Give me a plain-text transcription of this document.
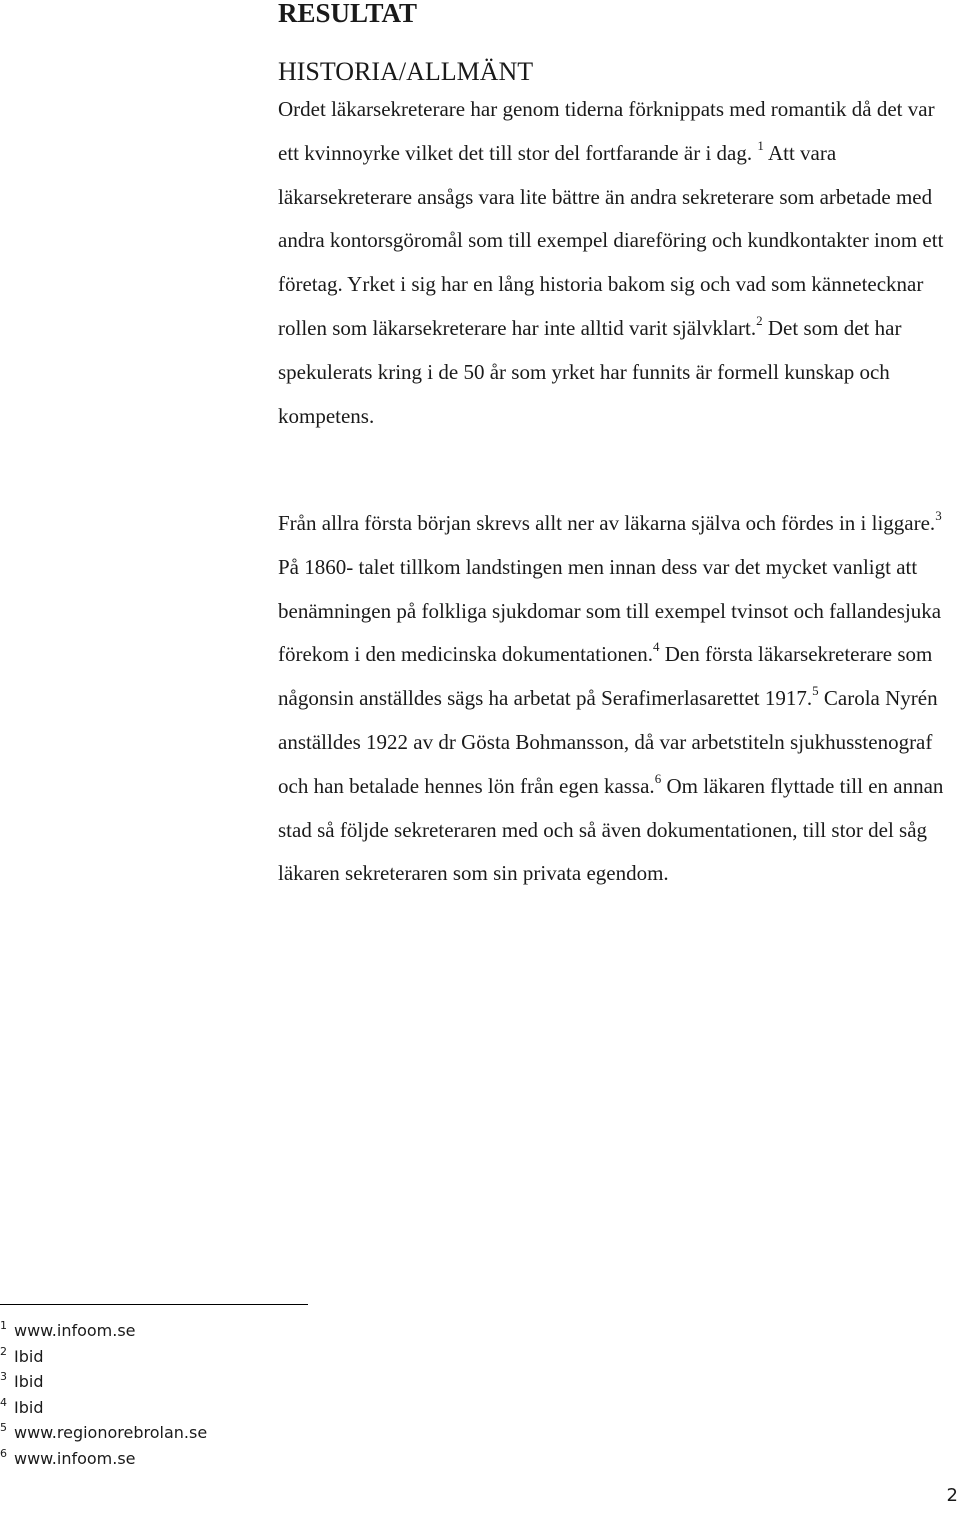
RESULTAT
HISTORIA/ALLMÄNT

Ordet läkarsekreterare har genom tiderna förknippats med romantik då det var ett kvinnoyrke vilket det till stor del fortfarande är i dag. $^1$ Att vara läkarsekreterare ansågs vara lite bättre än andra sekreterare som arbetade med andra kontorsgöromål som till exempel diareföring och kundkontakter inom ett företag. Yrket i sig har en lång historia bakom sig och vad som kännetecknar rollen som läkarsekreterare har inte alltid varit självklart.$^2$ Det som det har spekulerats kring i de 50 år som yrket har funnits är formell kunskap och kompetens.

Från allra första början skrevs allt ner av läkarna själva och fördes in i liggare.$^3$ På 1860- talet tillkom landstingen men innan dess var det mycket vanligt att benämningen på folkliga sjukdomar som till exempel tvinsot och fallandesjuka förekom i den medicinska dokumentationen.$^4$ Den första läkarsekreterare som någonsin anställdes sägs ha arbetat på Serafimerlasarettet 1917.$^5$ Carola Nyrén anställdes 1922 av dr Gösta Bohmansson, då var arbetstiteln sjukhusstenograf och han betalade hennes lön från egen kassa.$^6$ Om läkaren flyttade till en annan stad så följde sekreteraren med och så även dokumentationen, till stor del såg läkaren sekreteraren som sin privata egendom.

$^1$ www.infoom.se
$^2$ Ibid
$^3$ Ibid
$^4$ Ibid
$^5$ www.regionorebrolan.se
$^6$ www.infoom.se
2
